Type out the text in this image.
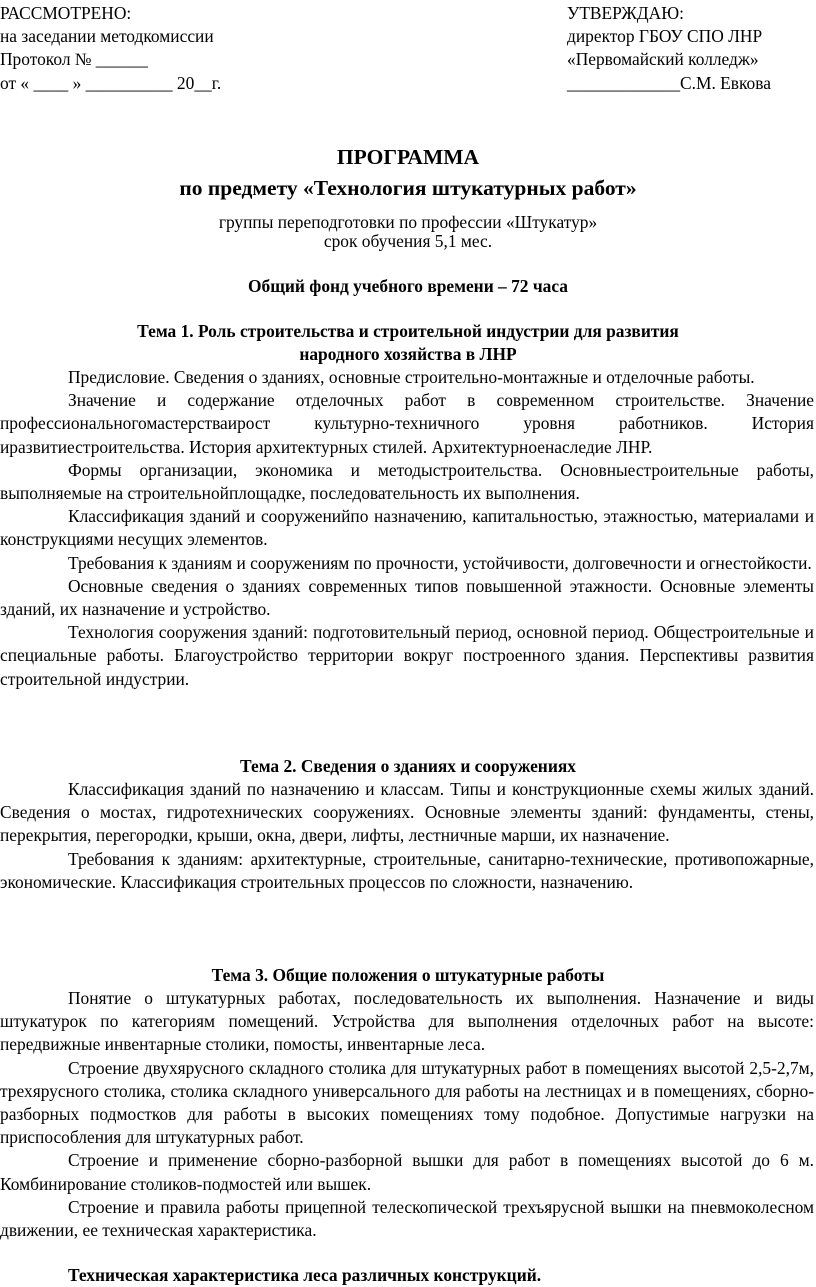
РАССМОТРЕНО:
на заседании методкомиссии
Протокол № ______
от « ____ » __________ 20__г.
УТВЕРЖДАЮ:
директор ГБОУ СПО ЛНР
«Первомайский колледж»
_____________С.М. Евкова
ПРОГРАММА
по предмету «Технология штукатурных работ»
группы переподготовки по профессии «Штукатур»
срок обучения 5,1 мес.
Общий фонд учебного времени – 72 часа
Тема 1. Роль строительства и строительной индустрии для развития
народного хозяйства в ЛНР

Предисловие. Сведения о зданиях, основные строительно-монтажные и отделочные работы.

Значение и содержание отделочных работ в современном строительстве. Значение профессиональногомастерстваирост культурно-техничного уровня работников. История иразвитиестроительства. История архитектурных стилей. Архитектурноенаследие ЛНР.

Формы организации, экономика и методыстроительства. Основныестроительные работы, выполняемые на строительнойплощадке, последовательность их выполнения.

Классификация зданий и сооруженийпо назначению, капитальностью, этажностью, материалами и конструкциями несущих элементов.

Требования к зданиям и сооружениям по прочности, устойчивости, долговечности и огнестойкости.

Основные сведения о зданиях современных типов повышенной этажности. Основные элементы зданий, их назначение и устройство.

Технология сооружения зданий: подготовительный период, основной период. Общестроительные и специальные работы. Благоустройство территории вокруг построенного здания. Перспективы развития строительной индустрии.

Тема 2. Сведения о зданиях и сооружениях

Классификация зданий по назначению и классам. Типы и конструкционные схемы жилых зданий. Сведения о мостах, гидротехнических сооружениях. Основные элементы зданий: фундаменты, стены, перекрытия, перегородки, крыши, окна, двери, лифты, лестничные марши, их назначение.

Требования к зданиям: архитектурные, строительные, санитарно-технические, противопожарные, экономические. Классификация строительных процессов по сложности, назначению.

Тема 3. Общие положения о штукатурные работы

Понятие о штукатурных работах, последовательность их выполнения. Назначение и виды штукатурок по категориям помещений. Устройства для выполнения отделочных работ на высоте: передвижные инвентарные столики, помосты, инвентарные леса.

Строение двухярусного складного столика для штукатурных работ в помещениях высотой 2,5-2,7м, трехярусного столика, столика складного универсального для работы на лестницах и в помещениях, сборно-разборных подмостков для работы в высоких помещениях тому подобное. Допустимые нагрузки на приспособления для штукатурных работ.

Строение и применение сборно-разборной вышки для работ в помещениях высотой до 6 м. Комбинирование столиков-подмостей или вышек.

Строение и правила работы прицепной телескопической трехъярусной вышки на пневмоколесном движении, ее техническая характеристика.

Техническая характеристика леса различных конструкций.
